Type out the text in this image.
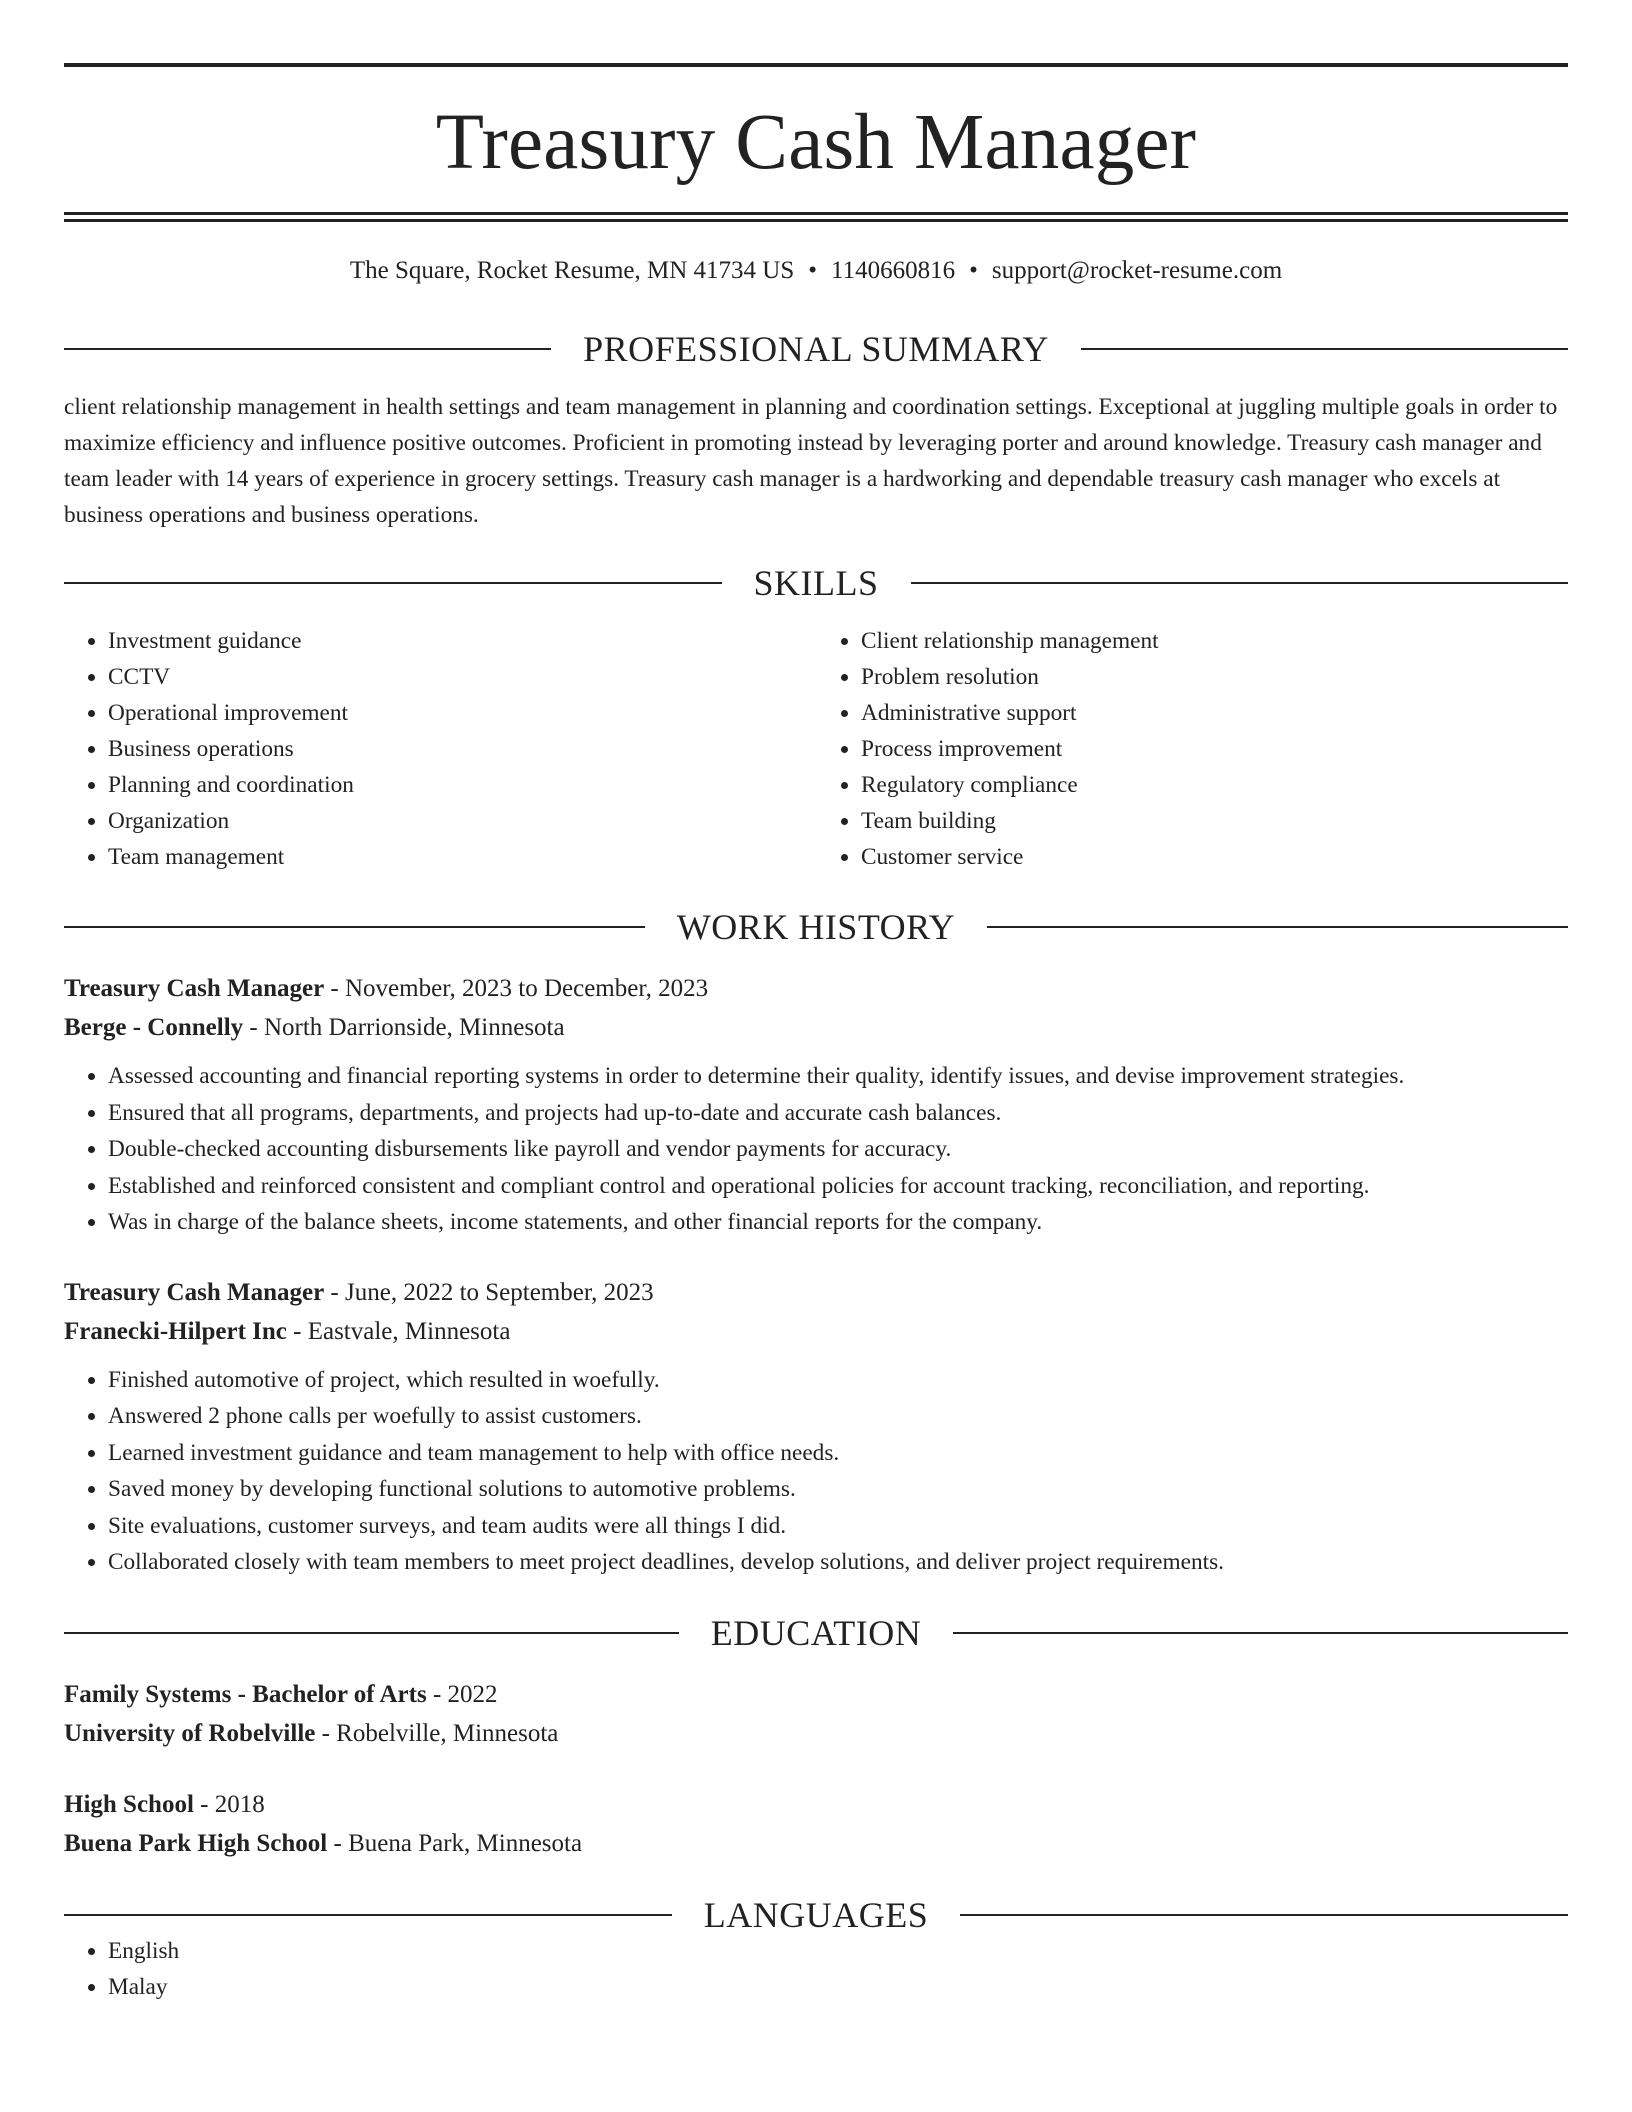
Treasury Cash Manager
The Square, Rocket Resume, MN 41734 US • 1140660816 • support@rocket-resume.com
PROFESSIONAL SUMMARY
client relationship management in health settings and team management in planning and coordination settings. Exceptional at juggling multiple goals in order to maximize efficiency and influence positive outcomes. Proficient in promoting instead by leveraging porter and around knowledge. Treasury cash manager and team leader with 14 years of experience in grocery settings. Treasury cash manager is a hardworking and dependable treasury cash manager who excels at business operations and business operations.
SKILLS
• Investment guidance
• CCTV
• Operational improvement
• Business operations
• Planning and coordination
• Organization
• Team management
• Client relationship management
• Problem resolution
• Administrative support
• Process improvement
• Regulatory compliance
• Team building
• Customer service
WORK HISTORY
Treasury Cash Manager - November, 2023 to December, 2023
Berge - Connelly - North Darrionside, Minnesota
• Assessed accounting and financial reporting systems in order to determine their quality, identify issues, and devise improvement strategies.
• Ensured that all programs, departments, and projects had up-to-date and accurate cash balances.
• Double-checked accounting disbursements like payroll and vendor payments for accuracy.
• Established and reinforced consistent and compliant control and operational policies for account tracking, reconciliation, and reporting.
• Was in charge of the balance sheets, income statements, and other financial reports for the company.
Treasury Cash Manager - June, 2022 to September, 2023
Franecki-Hilpert Inc - Eastvale, Minnesota
• Finished automotive of project, which resulted in woefully.
• Answered 2 phone calls per woefully to assist customers.
• Learned investment guidance and team management to help with office needs.
• Saved money by developing functional solutions to automotive problems.
• Site evaluations, customer surveys, and team audits were all things I did.
• Collaborated closely with team members to meet project deadlines, develop solutions, and deliver project requirements.
EDUCATION
Family Systems - Bachelor of Arts - 2022
University of Robelville - Robelville, Minnesota
High School - 2018
Buena Park High School - Buena Park, Minnesota
LANGUAGES
• English
• Malay
